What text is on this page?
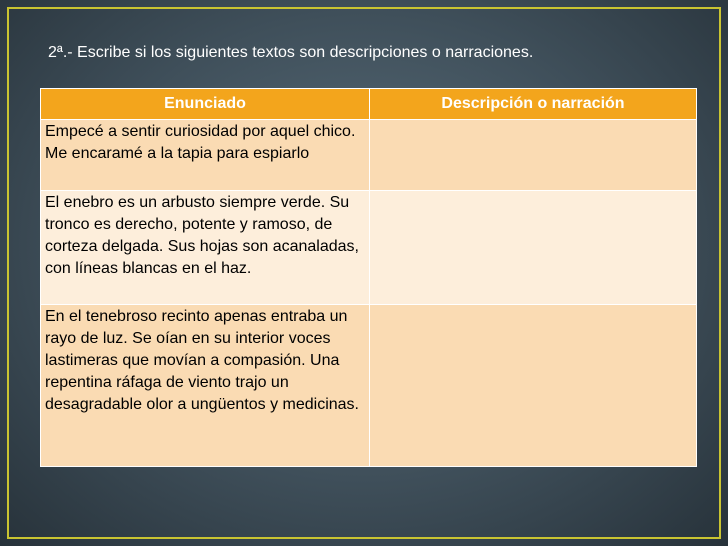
2ª.- Escribe si los siguientes textos son descripciones o narraciones.
Enunciado	Descripción o narración
Empecé a sentir curiosidad por aquel chico. Me encaramé a la tapia para espiarlo	
El enebro es un arbusto siempre verde. Su tronco es derecho, potente y ramoso, de corteza delgada. Sus hojas son acanaladas, con líneas blancas en el haz.	
En el tenebroso recinto apenas entraba un rayo de luz. Se oían en su interior voces lastimeras que movían a compasión. Una repentina ráfaga de viento trajo un desagradable olor a ungüentos y medicinas.	
